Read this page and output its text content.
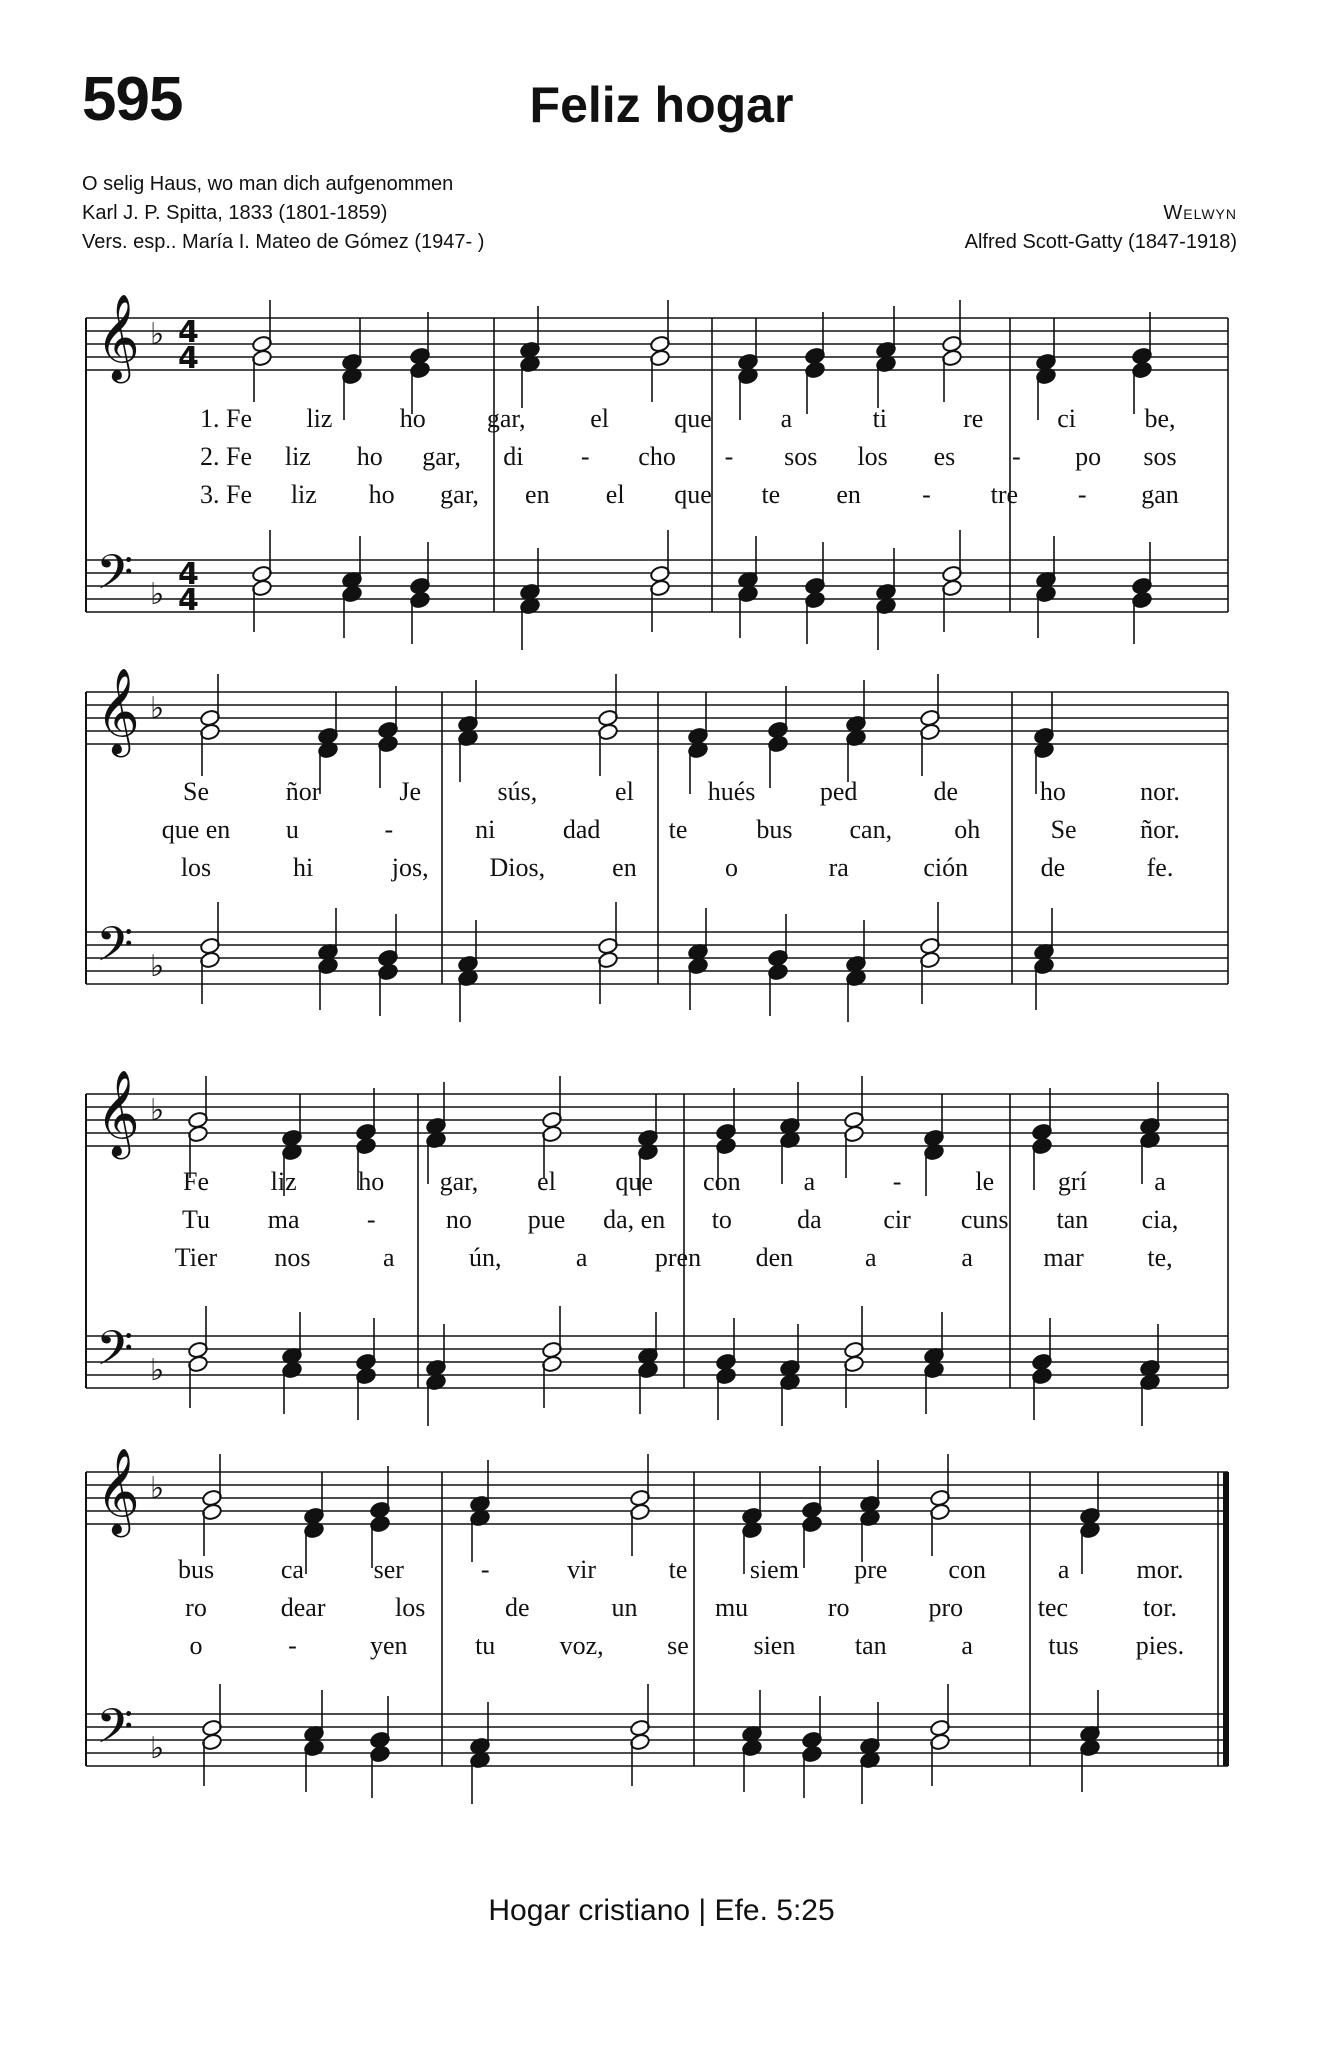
595	Feliz hogar
O selig Haus, wo man dich aufgenommen
Karl J. P. Spitta, 1833 (1801-1859)
Vers. esp.. María I. Mateo de Gómez (1947- )
Welwyn
Alfred Scott-Gatty (1847-1918)
𝄞
𝄢
♭
♭
4
4
4
4
1. Fe liz	ho gar, el	que	a	ti	re	ci	be,
2. Fe liz ho gar, di - cho - sos los es - po sos
3. Fe liz ho gar, en el que te en - tre - gan
𝄞
𝄢
♭
♭
Se	ñor	Je	sús,	el	hués ped	de	ho	nor.
que en u	-	ni	dad	te	bus can, oh	Se ñor.
los	hi	jos, Dios,	en	o	ra	ción	de	fe.
𝄞
𝄢
♭
♭
Fe liz ho gar, el que con a	-	le grí	a
Tu ma	-	no pue da, en to	da cir cuns tan cia,
Tier nos	a	ún,	a	pren den	a	a	mar te,
𝄞
𝄢
♭
♭
bus	ca	ser	-	vir	te siem pre con	a	mor.
ro	dear	los	de	un	mu	ro	pro	tec	tor.
o	-	yen	tu voz, se sien tan	a	tus pies.
Hogar cristiano | Efe. 5:25
